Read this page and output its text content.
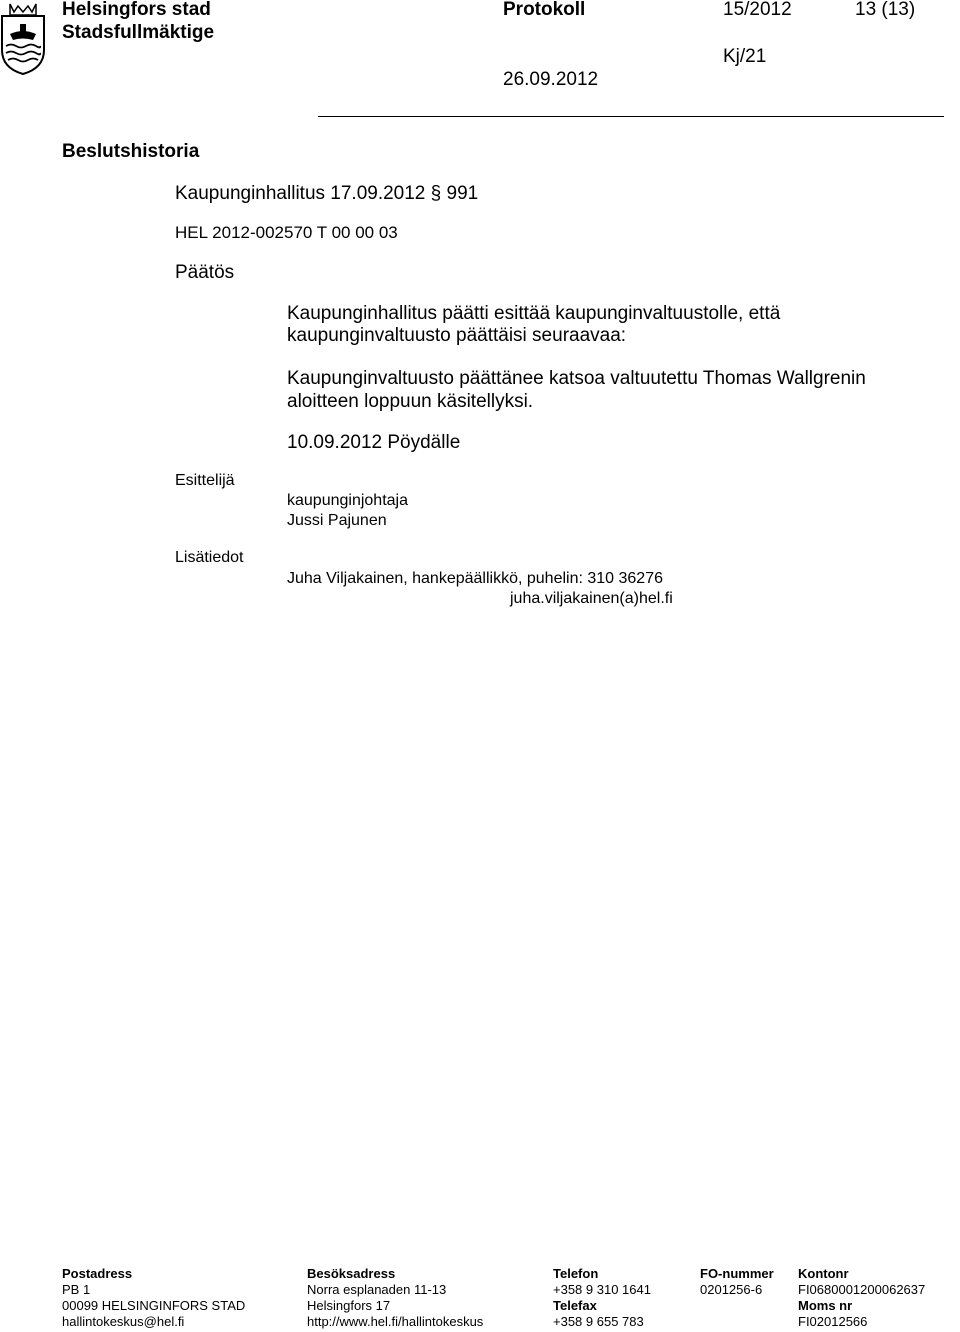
Helsingfors stad
Stadsfullmäktige
Protokoll	15/2012	13 (13)
Kj/21
26.09.2012
Beslutshistoria
Kaupunginhallitus 17.09.2012 § 991
HEL 2012-002570 T 00 00 03
Päätös
Kaupunginhallitus päätti esittää kaupunginvaltuustolle, että
kaupunginvaltuusto päättäisi seuraavaa:
Kaupunginvaltuusto päättänee katsoa valtuutettu Thomas Wallgrenin
aloitteen loppuun käsitellyksi.
10.09.2012 Pöydälle
Esittelijä
kaupunginjohtaja
Jussi Pajunen
Lisätiedot
Juha Viljakainen, hankepäällikkö, puhelin: 310 36276
juha.viljakainen(a)hel.fi
Postadress
PB 1
00099 HELSINGINFORS STAD
hallintokeskus@hel.fi
Besöksadress
Norra esplanaden 11-13
Helsingfors 17
http://www.hel.fi/hallintokeskus
Telefon
+358 9 310 1641
Telefax
+358 9 655 783
FO-nummer
0201256-6
Kontonr
FI0680001200062637
Moms nr
FI02012566
